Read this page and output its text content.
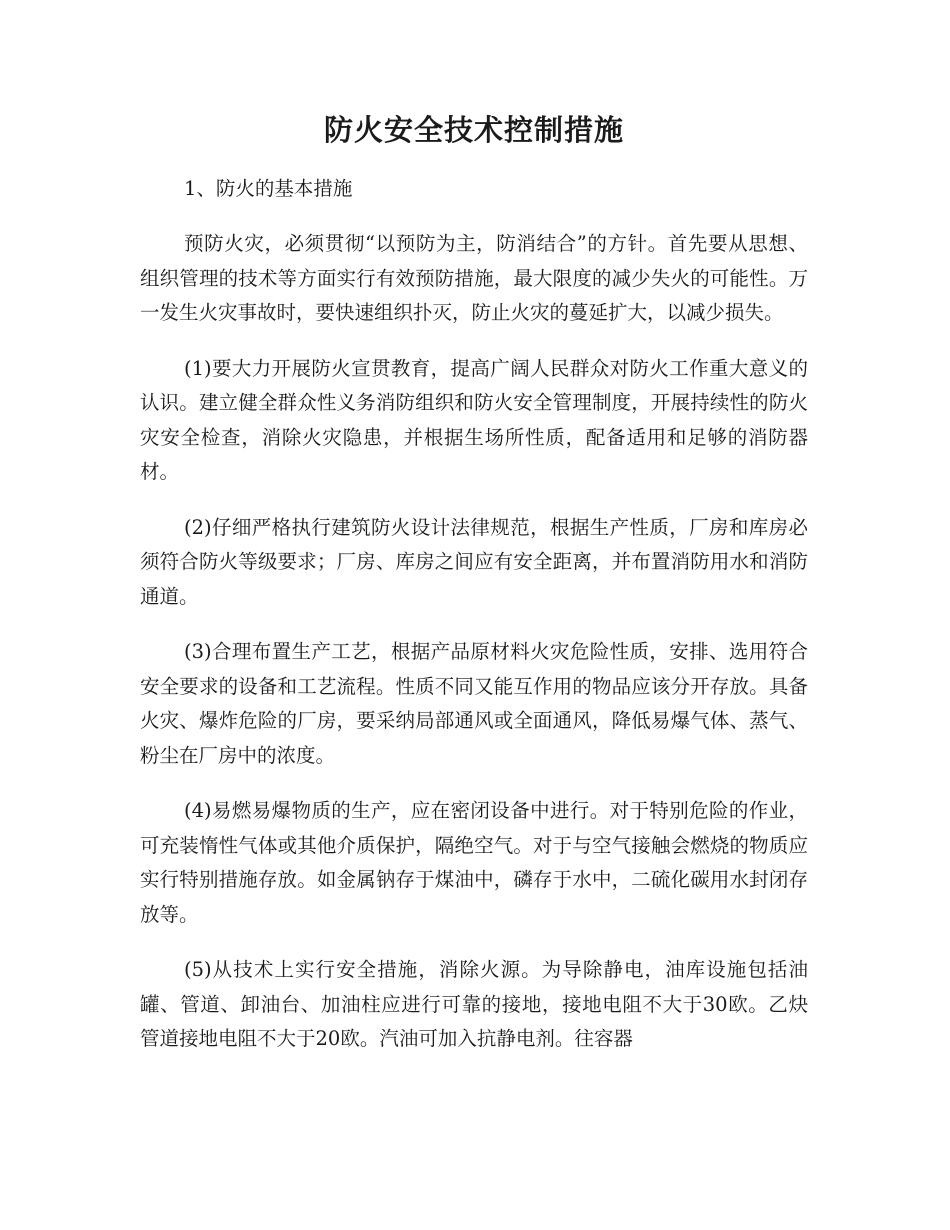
防火安全技术控制措施

1、防火的基本措施

预防火灾，必须贯彻“以预防为主，防消结合”的方针。首先要从思想、组织管理的技术等方面实行有效预防措施，最大限度的减少失火的可能性。万一发生火灾事故时，要快速组织扑灭，防止火灾的蔓延扩大，以减少损失。

(1)要大力开展防火宣贯教育，提高广阔人民群众对防火工作重大意义的认识。建立健全群众性义务消防组织和防火安全管理制度，开展持续性的防火灾安全检查，消除火灾隐患，并根据生场所性质，配备适用和足够的消防器材。

(2)仔细严格执行建筑防火设计法律规范，根据生产性质，厂房和库房必须符合防火等级要求；厂房、库房之间应有安全距离，并布置消防用水和消防通道。

(3)合理布置生产工艺，根据产品原材料火灾危险性质，安排、选用符合安全要求的设备和工艺流程。性质不同又能互作用的物品应该分开存放。具备火灾、爆炸危险的厂房，要采纳局部通风或全面通风，降低易爆气体、蒸气、粉尘在厂房中的浓度。

(4)易燃易爆物质的生产，应在密闭设备中进行。对于特别危险的作业，可充装惰性气体或其他介质保护，隔绝空气。对于与空气接触会燃烧的物质应实行特别措施存放。如金属钠存于煤油中，磷存于水中，二硫化碳用水封闭存放等。

(5)从技术上实行安全措施，消除火源。为导除静电，油库设施包括油罐、管道、卸油台、加油柱应进行可靠的接地，接地电阻不大于30欧。乙炔管道接地电阻不大于20欧。汽油可加入抗静电剂。往容器
